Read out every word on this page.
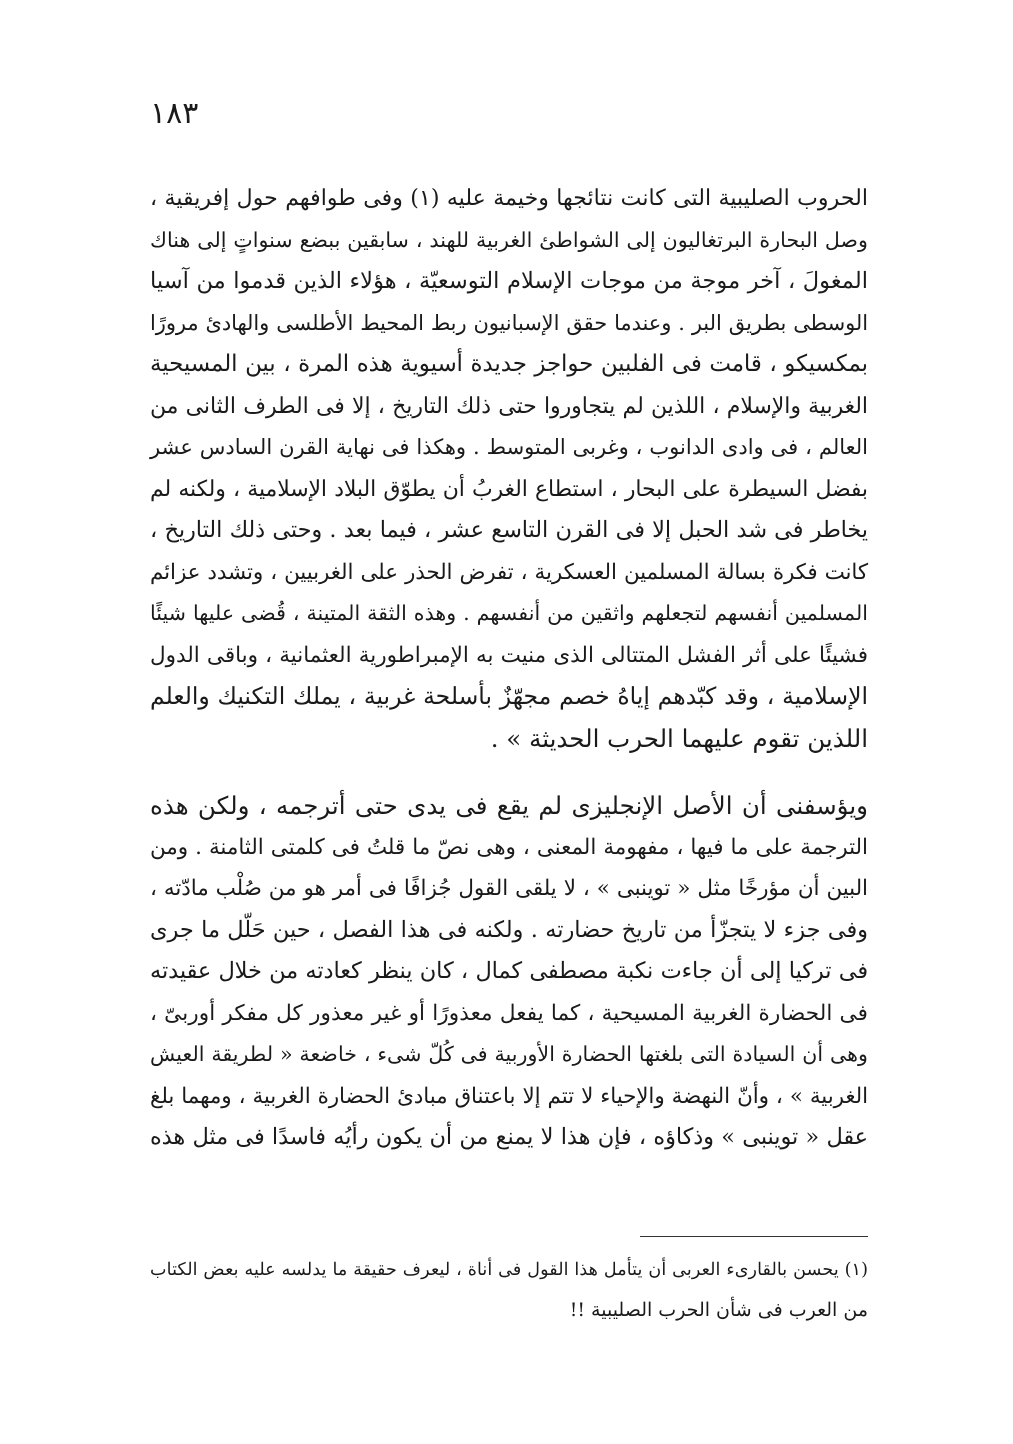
١٨٣
الحروب الصليبية التى كانت نتائجها وخيمة عليه (١) وفى طوافهم حول إفريقية ،
وصل البحارة البرتغاليون إلى الشواطئ الغربية للهند ، سابقين ببضع سنواتٍ إلى هناك
المغولَ ، آخر موجة من موجات الإسلام التوسعيّة ، هؤلاء الذين قدموا من آسيا
الوسطى بطريق البر . وعندما حقق الإسبانيون ربط المحيط الأطلسى والهادئ مرورًا
بمكسيكو ، قامت فى الفلبين حواجز جديدة أسيوية هذه المرة ، بين المسيحية
الغربية والإسلام ، اللذين لم يتجاوروا حتى ذلك التاريخ ، إلا فى الطرف الثانى من
العالم ، فى وادى الدانوب ، وغربى المتوسط . وهكذا فى نهاية القرن السادس عشر
بفضل السيطرة على البحار ، استطاع الغربُ أن يطوّق البلاد الإسلامية ، ولكنه لم
يخاطر فى شد الحبل إلا فى القرن التاسع عشر ، فيما بعد . وحتى ذلك التاريخ ،
كانت فكرة بسالة المسلمين العسكرية ، تفرض الحذر على الغربيين ، وتشدد عزائم
المسلمين أنفسهم لتجعلهم واثقين من أنفسهم . وهذه الثقة المتينة ، قُضى عليها شيئًا
فشيئًا على أثر الفشل المتتالى الذى منيت به الإمبراطورية العثمانية ، وباقى الدول
الإسلامية ، وقد كبّدهم إياهُ خصم مجهّزٌ بأسلحة غربية ، يملك التكنيك والعلم
اللذين تقوم عليهما الحرب الحديثة » .
ويؤسفنى أن الأصل الإنجليزى لم يقع فى يدى حتى أترجمه ، ولكن هذه
الترجمة على ما فيها ، مفهومة المعنى ، وهى نصّ ما قلتُ فى كلمتى الثامنة . ومن
البين أن مؤرخًا مثل « توينبى » ، لا يلقى القول جُزافًا فى أمر هو من صُلْب مادّته ،
وفى جزء لا يتجزّأ من تاريخ حضارته . ولكنه فى هذا الفصل ، حين حَلّل ما جرى
فى تركيا إلى أن جاءت نكبة مصطفى كمال ، كان ينظر كعادته من خلال عقيدته
فى الحضارة الغربية المسيحية ، كما يفعل معذورًا أو غير معذور كل مفكر أوربىّ ،
وهى أن السيادة التى بلغتها الحضارة الأوربية فى كُلّ شىء ، خاضعة « لطريقة العيش
الغربية » ، وأنّ النهضة والإحياء لا تتم إلا باعتناق مبادئ الحضارة الغربية ، ومهما بلغ
عقل « توينبى » وذكاؤه ، فإن هذا لا يمنع من أن يكون رأيُه فاسدًا فى مثل هذه
(١) يحسن بالقارىء العربى أن يتأمل هذا القول فى أناة ، ليعرف حقيقة ما يدلسه عليه بعض الكتاب
من العرب فى شأن الحرب الصليبية !!
